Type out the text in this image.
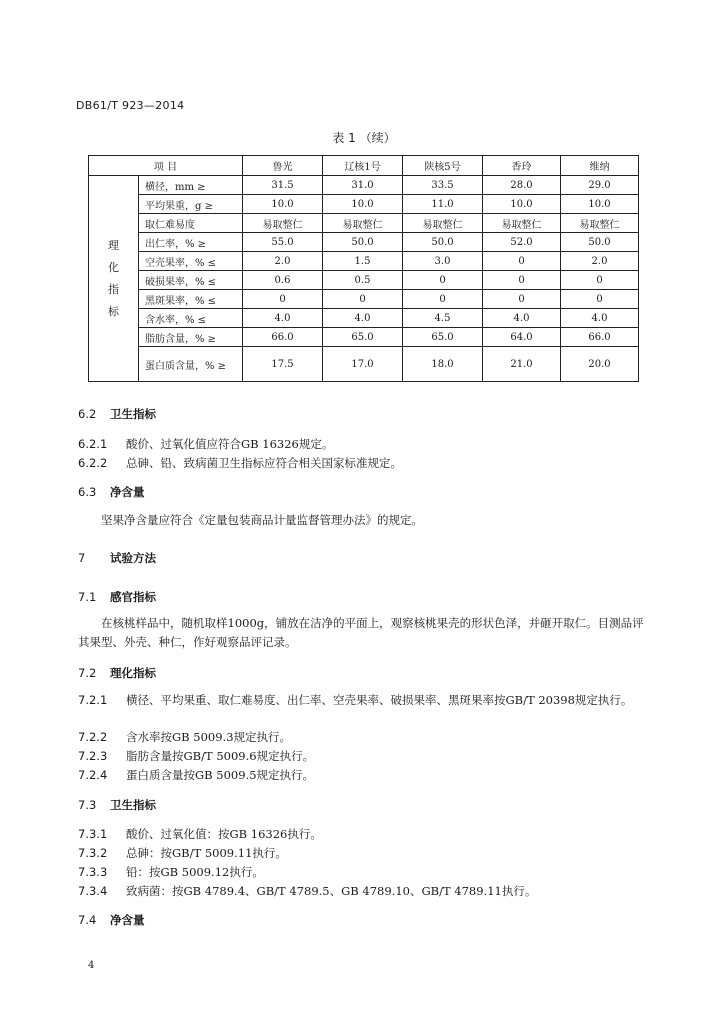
DB61/T 923—2014
表 1 （续）
项 目		鲁光	辽核1号	陕核5号	香玲	维纳

理
化
指
标	横径，mm ≥	31.5	31.0	33.5	28.0	29.0
	平均果重，g ≥	10.0	10.0	11.0	10.0	10.0
	取仁难易度	易取整仁	易取整仁	易取整仁	易取整仁	易取整仁
	出仁率，% ≥	55.0	50.0	50.0	52.0	50.0
	空壳果率，% ≤	2.0	1.5	3.0	0	2.0
	破损果率，% ≤	0.6	0.5	0	0	0
	黑斑果率，% ≤	0	0	0	0	0
	含水率，% ≤	4.0	4.0	4.5	4.0	4.0
	脂肪含量，% ≥	66.0	65.0	65.0	64.0	66.0
	蛋白质含量，% ≥	17.5	17.0	18.0	21.0	20.0
6.2 卫生指标
6.2.1 酸价、过氧化值应符合GB 16326规定。
6.2.2 总砷、铅、致病菌卫生指标应符合相关国家标准规定。
6.3 净含量
坚果净含量应符合《定量包装商品计量监督管理办法》的规定。
7 试验方法
7.1 感官指标
在核桃样品中，随机取样1000g，铺放在洁净的平面上，观察核桃果壳的形状色泽，并砸开取仁。目测品评其果型、外壳、种仁，作好观察品评记录。
7.2 理化指标
7.2.1 横径、平均果重、取仁难易度、出仁率、空壳果率、破损果率、黑斑果率按GB/T 20398规定执行。
7.2.2 含水率按GB 5009.3规定执行。
7.2.3 脂肪含量按GB/T 5009.6规定执行。
7.2.4 蛋白质含量按GB 5009.5规定执行。
7.3 卫生指标
7.3.1 酸价、过氧化值：按GB 16326执行。
7.3.2 总砷：按GB/T 5009.11执行。
7.3.3 铅：按GB 5009.12执行。
7.3.4 致病菌：按GB 4789.4、GB/T 4789.5、GB 4789.10、GB/T 4789.11执行。
7.4 净含量
4
